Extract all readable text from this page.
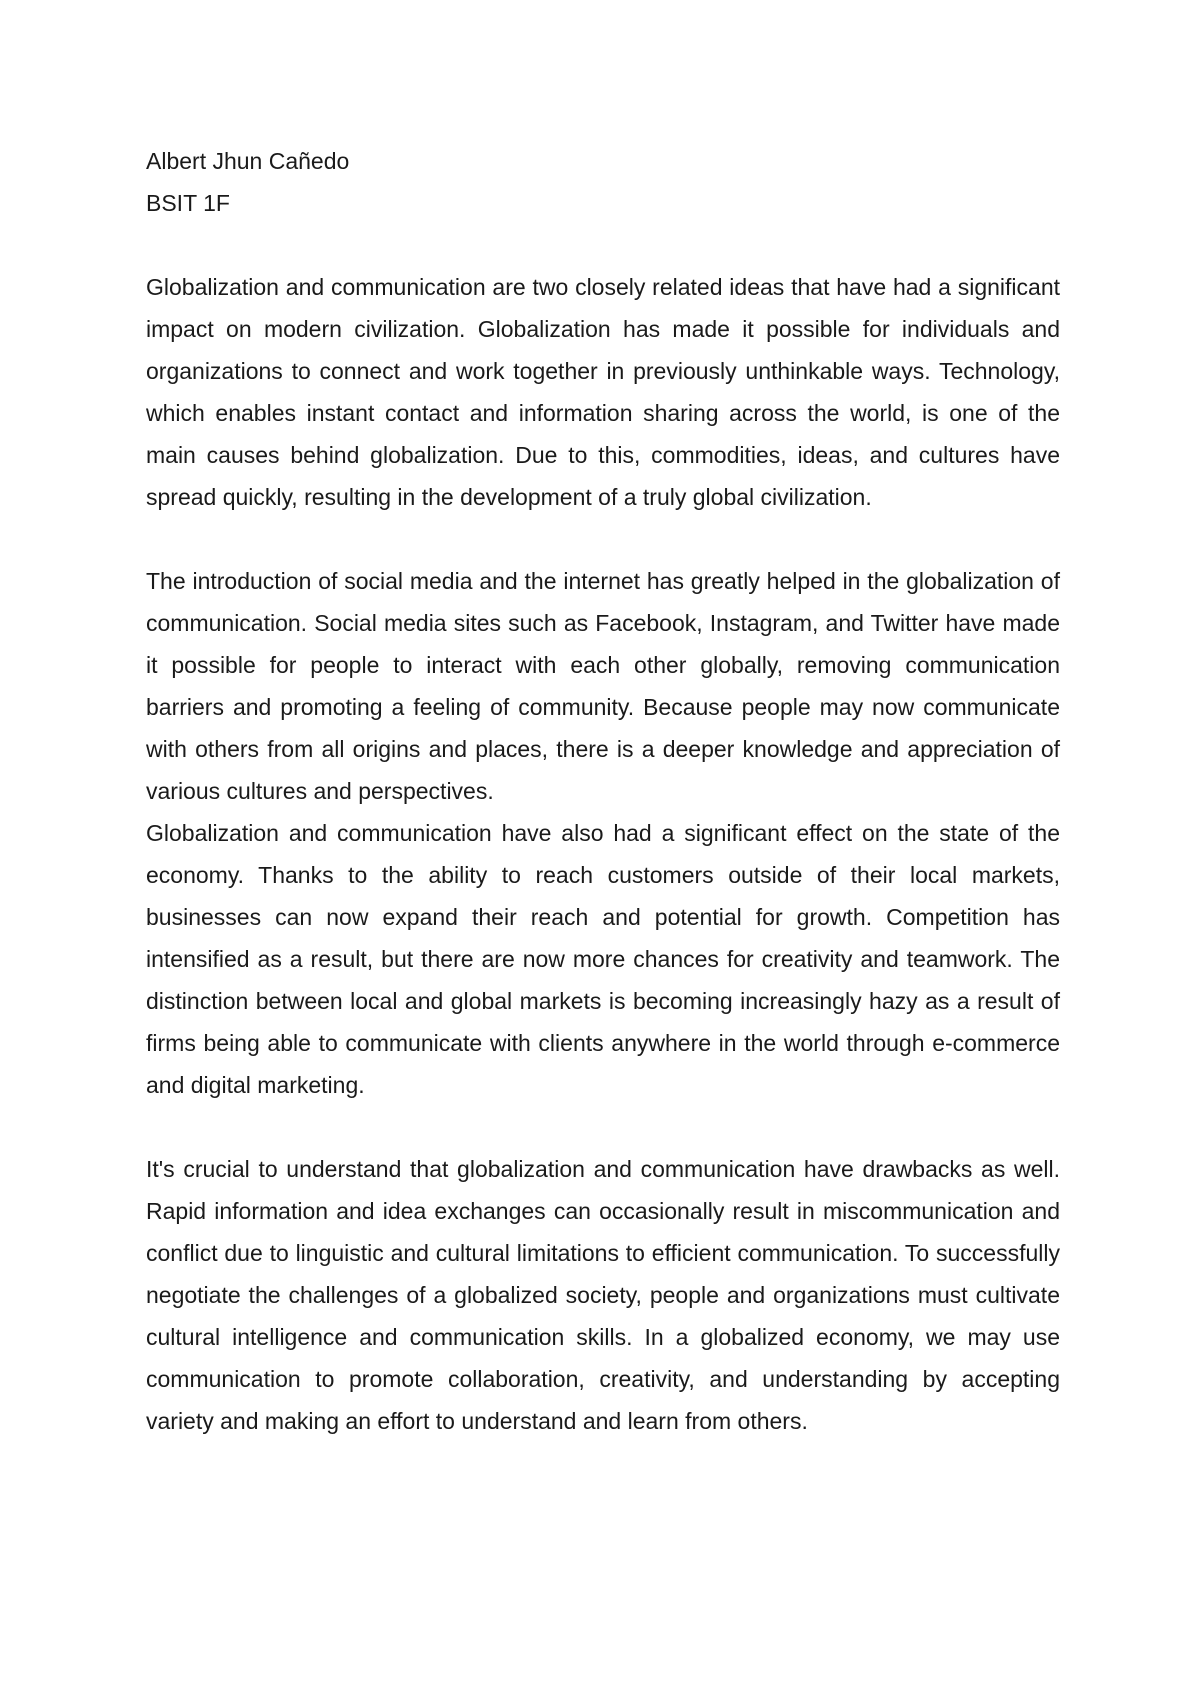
Albert Jhun Cañedo

BSIT 1F

Globalization and communication are two closely related ideas that have had a significant impact on modern civilization. Globalization has made it possible for individuals and organizations to connect and work together in previously unthinkable ways. Technology, which enables instant contact and information sharing across the world, is one of the main causes behind globalization. Due to this, commodities, ideas, and cultures have spread quickly, resulting in the development of a truly global civilization.

The introduction of social media and the internet has greatly helped in the globalization of communication. Social media sites such as Facebook, Instagram, and Twitter have made it possible for people to interact with each other globally, removing communication barriers and promoting a feeling of community. Because people may now communicate with others from all origins and places, there is a deeper knowledge and appreciation of various cultures and perspectives.

Globalization and communication have also had a significant effect on the state of the economy. Thanks to the ability to reach customers outside of their local markets, businesses can now expand their reach and potential for growth. Competition has intensified as a result, but there are now more chances for creativity and teamwork. The distinction between local and global markets is becoming increasingly hazy as a result of firms being able to communicate with clients anywhere in the world through e-commerce and digital marketing.

It's crucial to understand that globalization and communication have drawbacks as well. Rapid information and idea exchanges can occasionally result in miscommunication and conflict due to linguistic and cultural limitations to efficient communication. To successfully negotiate the challenges of a globalized society, people and organizations must cultivate cultural intelligence and communication skills. In a globalized economy, we may use communication to promote collaboration, creativity, and understanding by accepting variety and making an effort to understand and learn from others.
